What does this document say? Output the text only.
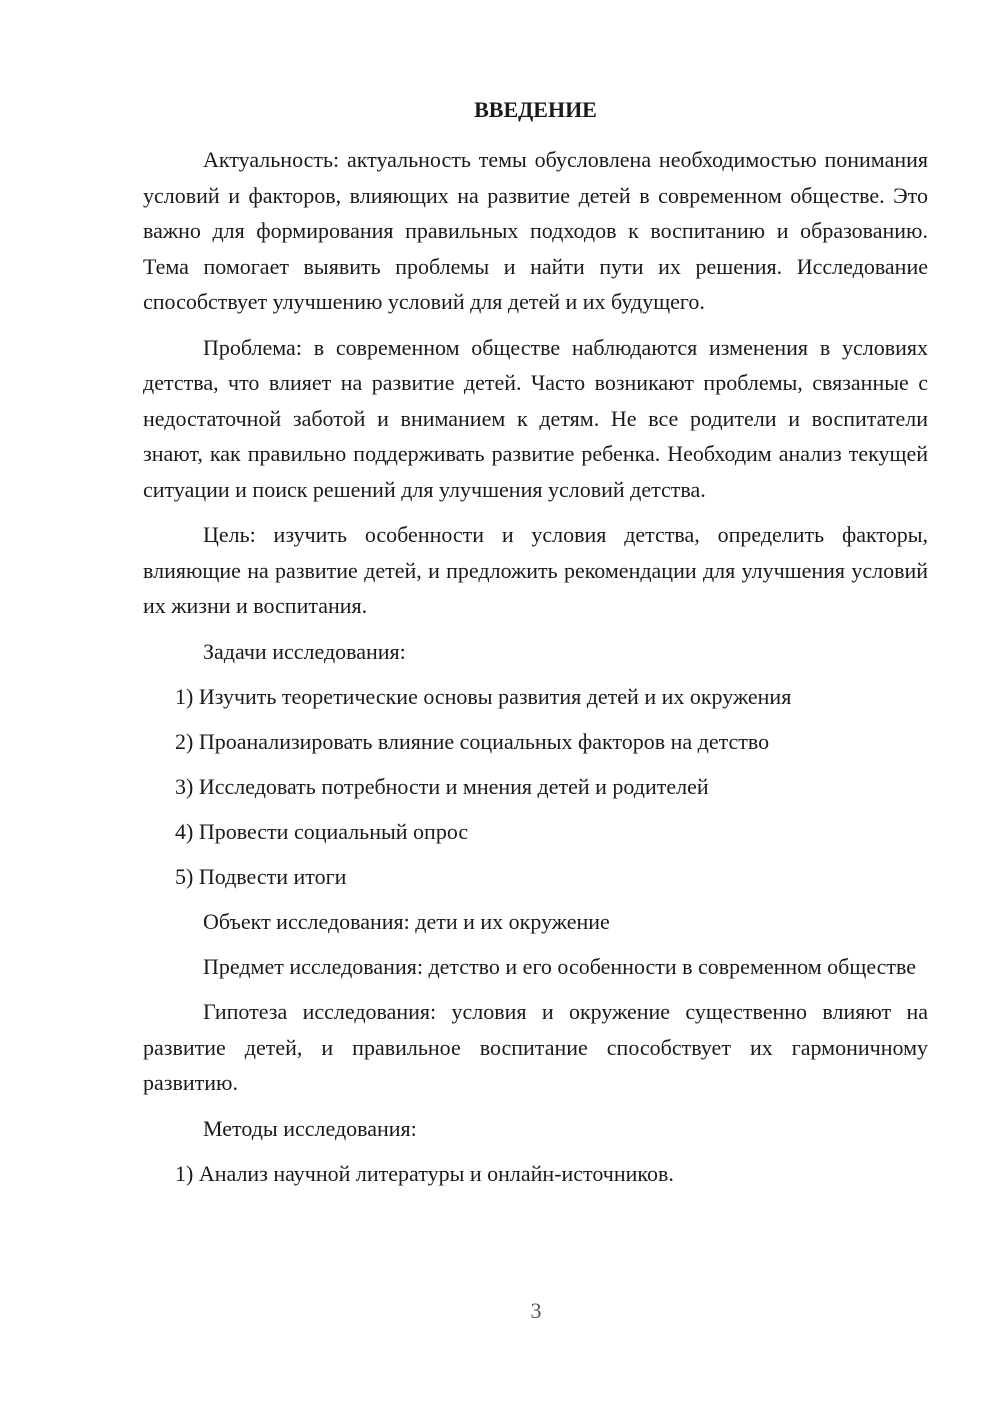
ВВЕДЕНИЕ

Актуальность: актуальность темы обусловлена необходимостью понимания условий и факторов, влияющих на развитие детей в современном обществе. Это важно для формирования правильных подходов к воспитанию и образованию. Тема помогает выявить проблемы и найти пути их решения. Исследование способствует улучшению условий для детей и их будущего.

Проблема: в современном обществе наблюдаются изменения в условиях детства, что влияет на развитие детей. Часто возникают проблемы, связанные с недостаточной заботой и вниманием к детям. Не все родители и воспитатели знают, как правильно поддерживать развитие ребенка. Необходим анализ текущей ситуации и поиск решений для улучшения условий детства.

Цель: изучить особенности и условия детства, определить факторы, влияющие на развитие детей, и предложить рекомендации для улучшения условий их жизни и воспитания.

Задачи исследования:
1) Изучить теоретические основы развития детей и их окружения
2) Проанализировать влияние социальных факторов на детство
3) Исследовать потребности и мнения детей и родителей
4) Провести социальный опрос
5) Подвести итоги
Объект исследования: дети и их окружение

Предмет исследования: детство и его особенности в современном обществе

Гипотеза исследования: условия и окружение существенно влияют на развитие детей, и правильное воспитание способствует их гармоничному развитию.

Методы исследования:
1) Анализ научной литературы и онлайн-источников.
3
